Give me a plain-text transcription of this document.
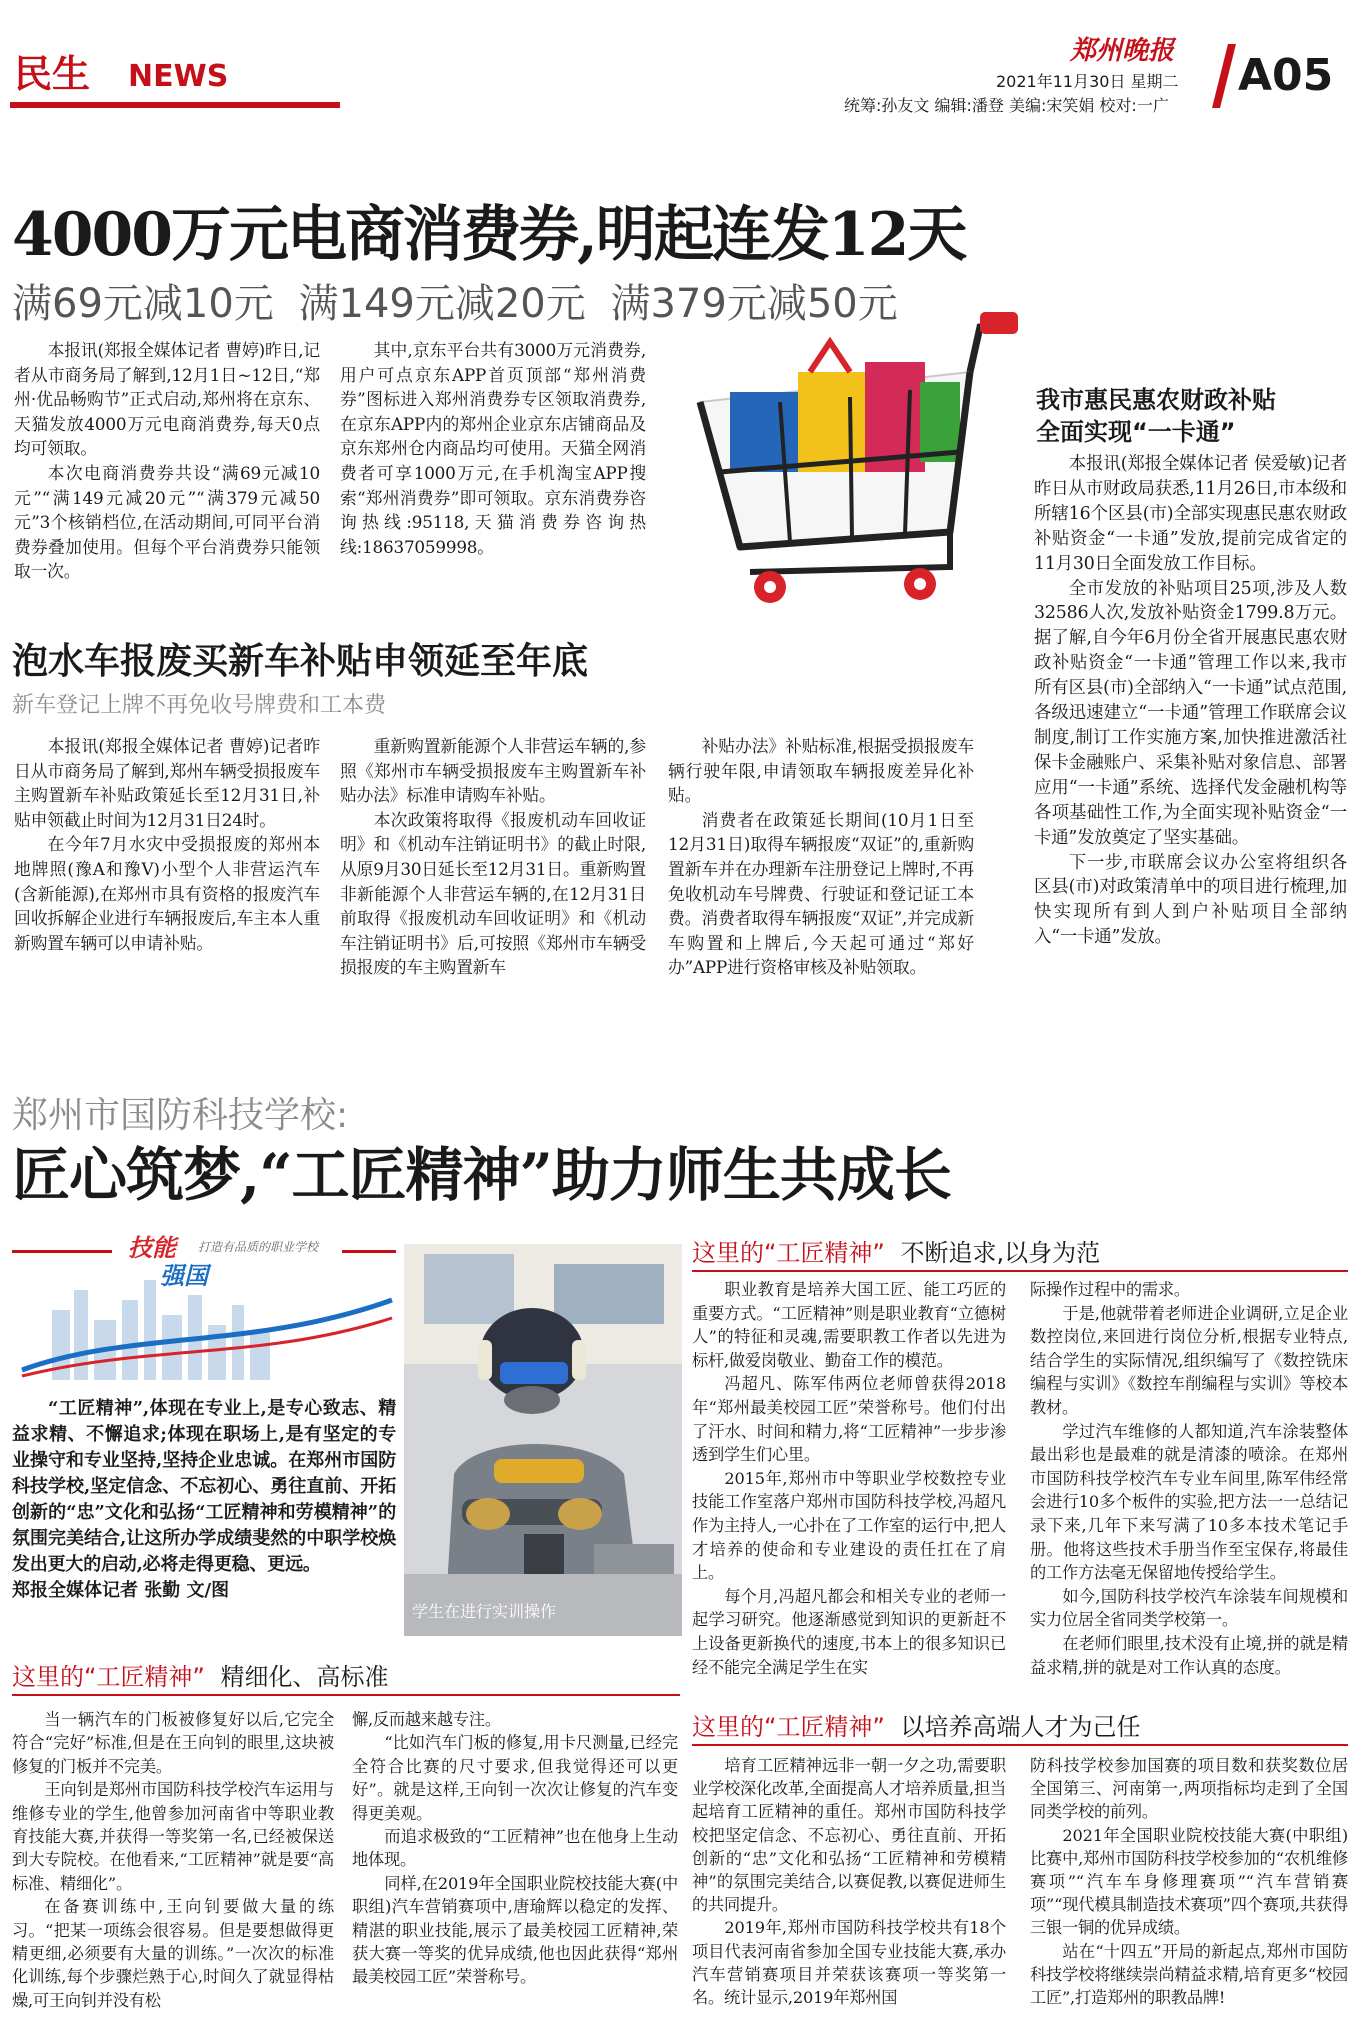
民生 NEWS
郑州晚报
2021年11月30日 星期二
统筹:孙友文 编辑:潘登 美编:宋笑娟 校对:一广
A05
4000万元电商消费券,明起连发12天
满69元减10元 满149元减20元 满379元减50元

本报讯(郑报全媒体记者 曹婷)昨日,记者从市商务局了解到,12月1日~12日,“郑州·优品畅购节”正式启动,郑州将在京东、天猫发放4000万元电商消费券,每天0点均可领取。

本次电商消费券共设“满69元减10元”“满149元减20元”“满379元减50元”3个核销档位,在活动期间,可同平台消费券叠加使用。但每个平台消费券只能领取一次。

其中,京东平台共有3000万元消费券,用户可点京东APP首页顶部“郑州消费券”图标进入郑州消费券专区领取消费券,在京东APP内的郑州企业京东店铺商品及京东郑州仓内商品均可使用。天猫全网消费者可享1000万元,在手机淘宝APP搜索“郑州消费券”即可领取。京东消费券咨询热线:95118,天猫消费券咨询热线:18637059998。

我市惠民惠农财政补贴
全面实现“一卡通”

本报讯(郑报全媒体记者 侯爱敏)记者昨日从市财政局获悉,11月26日,市本级和所辖16个区县(市)全部实现惠民惠农财政补贴资金“一卡通”发放,提前完成省定的11月30日全面发放工作目标。

全市发放的补贴项目25项,涉及人数32586人次,发放补贴资金1799.8万元。据了解,自今年6月份全省开展惠民惠农财政补贴资金“一卡通”管理工作以来,我市所有区县(市)全部纳入“一卡通”试点范围,各级迅速建立“一卡通”管理工作联席会议制度,制订工作实施方案,加快推进激活社保卡金融账户、采集补贴对象信息、部署应用“一卡通”系统、选择代发金融机构等各项基础性工作,为全面实现补贴资金“一卡通”发放奠定了坚实基础。

下一步,市联席会议办公室将组织各区县(市)对政策清单中的项目进行梳理,加快实现所有到人到户补贴项目全部纳入“一卡通”发放。

泡水车报废买新车补贴申领延至年底
新车登记上牌不再免收号牌费和工本费

本报讯(郑报全媒体记者 曹婷)记者昨日从市商务局了解到,郑州车辆受损报废车主购置新车补贴政策延长至12月31日,补贴申领截止时间为12月31日24时。

在今年7月水灾中受损报废的郑州本地牌照(豫A和豫V)小型个人非营运汽车(含新能源),在郑州市具有资格的报废汽车回收拆解企业进行车辆报废后,车主本人重新购置车辆可以申请补贴。

重新购置新能源个人非营运车辆的,参照《郑州市车辆受损报废车主购置新车补贴办法》标准申请购车补贴。

本次政策将取得《报废机动车回收证明》和《机动车注销证明书》的截止时限,从原9月30日延长至12月31日。重新购置非新能源个人非营运车辆的,在12月31日前取得《报废机动车回收证明》和《机动车注销证明书》后,可按照《郑州市车辆受损报废的车主购置新车

补贴办法》补贴标准,根据受损报废车辆行驶年限,申请领取车辆报废差异化补贴。

消费者在政策延长期间(10月1日至12月31日)取得车辆报废“双证”的,重新购置新车并在办理新车注册登记上牌时,不再免收机动车号牌费、行驶证和登记证工本费。消费者取得车辆报废“双证”,并完成新车购置和上牌后,今天起可通过“郑好办”APP进行资格审核及补贴领取。

郑州市国防科技学校:
匠心筑梦,“工匠精神”助力师生共成长
技能
强国
打造有品质的职业学校

“工匠精神”,体现在专业上,是专心致志、精益求精、不懈追求;体现在职场上,是有坚定的专业操守和专业坚持,坚持企业忠诚。在郑州市国防科技学校,坚定信念、不忘初心、勇往直前、开拓创新的“忠”文化和弘扬“工匠精神和劳模精神”的氛围完美结合,让这所办学成绩斐然的中职学校焕发出更大的启动,必将走得更稳、更远。

郑报全媒体记者 张勤 文/图
学生在进行实训操作
这里的“工匠精神” 不断追求,以身为范

职业教育是培养大国工匠、能工巧匠的重要方式。“工匠精神”则是职业教育“立德树人”的特征和灵魂,需要职教工作者以先进为标杆,做爱岗敬业、勤奋工作的模范。

冯超凡、陈军伟两位老师曾获得2018年“郑州最美校园工匠”荣誉称号。他们付出了汗水、时间和精力,将“工匠精神”一步步渗透到学生们心里。

2015年,郑州市中等职业学校数控专业技能工作室落户郑州市国防科技学校,冯超凡作为主持人,一心扑在了工作室的运行中,把人才培养的使命和专业建设的责任扛在了肩上。

每个月,冯超凡都会和相关专业的老师一起学习研究。他逐渐感觉到知识的更新赶不上设备更新换代的速度,书本上的很多知识已经不能完全满足学生在实

际操作过程中的需求。

于是,他就带着老师进企业调研,立足企业数控岗位,来回进行岗位分析,根据专业特点,结合学生的实际情况,组织编写了《数控铣床编程与实训》《数控车削编程与实训》等校本教材。

学过汽车维修的人都知道,汽车涂装整体最出彩也是最难的就是清漆的喷涂。在郑州市国防科技学校汽车专业车间里,陈军伟经常会进行10多个板件的实验,把方法一一总结记录下来,几年下来写满了10多本技术笔记手册。他将这些技术手册当作至宝保存,将最佳的工作方法毫无保留地传授给学生。

如今,国防科技学校汽车涂装车间规模和实力位居全省同类学校第一。

在老师们眼里,技术没有止境,拼的就是精益求精,拼的就是对工作认真的态度。

这里的“工匠精神” 精细化、高标准

当一辆汽车的门板被修复好以后,它完全符合“完好”标准,但是在王向钊的眼里,这块被修复的门板并不完美。

王向钊是郑州市国防科技学校汽车运用与维修专业的学生,他曾参加河南省中等职业教育技能大赛,并获得一等奖第一名,已经被保送到大专院校。在他看来,“工匠精神”就是要“高标准、精细化”。

在备赛训练中,王向钊要做大量的练习。“把某一项练会很容易。但是要想做得更精更细,必须要有大量的训练。”一次次的标准化训练,每个步骤烂熟于心,时间久了就显得枯燥,可王向钊并没有松

懈,反而越来越专注。

“比如汽车门板的修复,用卡尺测量,已经完全符合比赛的尺寸要求,但我觉得还可以更好”。就是这样,王向钊一次次让修复的汽车变得更美观。

而追求极致的“工匠精神”也在他身上生动地体现。

同样,在2019年全国职业院校技能大赛(中职组)汽车营销赛项中,唐瑜辉以稳定的发挥、精湛的职业技能,展示了最美校园工匠精神,荣获大赛一等奖的优异成绩,他也因此获得“郑州最美校园工匠”荣誉称号。

这里的“工匠精神” 以培养高端人才为己任

培育工匠精神远非一朝一夕之功,需要职业学校深化改革,全面提高人才培养质量,担当起培育工匠精神的重任。郑州市国防科技学校把坚定信念、不忘初心、勇往直前、开拓创新的“忠”文化和弘扬“工匠精神和劳模精神”的氛围完美结合,以赛促教,以赛促进师生的共同提升。

2019年,郑州市国防科技学校共有18个项目代表河南省参加全国专业技能大赛,承办汽车营销赛项目并荣获该赛项一等奖第一名。统计显示,2019年郑州国

防科技学校参加国赛的项目数和获奖数位居全国第三、河南第一,两项指标均走到了全国同类学校的前列。

2021年全国职业院校技能大赛(中职组)比赛中,郑州市国防科技学校参加的“农机维修赛项”“汽车车身修理赛项”“汽车营销赛项”“现代模具制造技术赛项”四个赛项,共获得三银一铜的优异成绩。

站在“十四五”开局的新起点,郑州市国防科技学校将继续崇尚精益求精,培育更多“校园工匠”,打造郑州的职教品牌!
